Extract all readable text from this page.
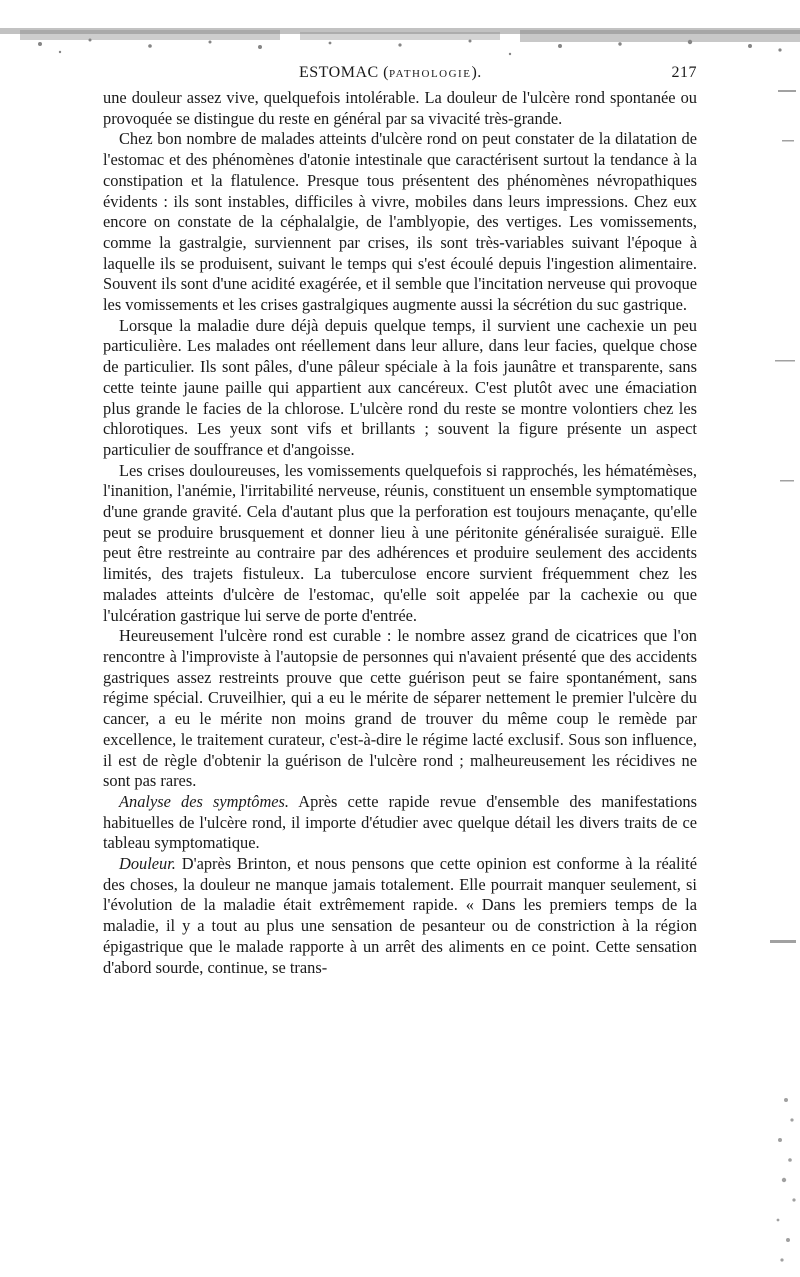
ESTOMAC (PATHOLOGIE).	217

une douleur assez vive, quelquefois intolérable. La douleur de l'ulcère rond spontanée ou provoquée se distingue du reste en général par sa vivacité très-grande.

Chez bon nombre de malades atteints d'ulcère rond on peut constater de la dilatation de l'estomac et des phénomènes d'atonie intestinale que caractérisent surtout la tendance à la constipation et la flatulence. Presque tous présentent des phénomènes névropathiques évidents : ils sont instables, difficiles à vivre, mobiles dans leurs impressions. Chez eux encore on constate de la céphalalgie, de l'amblyopie, des vertiges. Les vomissements, comme la gastralgie, surviennent par crises, ils sont très-variables suivant l'époque à laquelle ils se produisent, suivant le temps qui s'est écoulé depuis l'ingestion alimentaire. Souvent ils sont d'une acidité exagérée, et il semble que l'incitation nerveuse qui provoque les vomissements et les crises gastralgiques augmente aussi la sécrétion du suc gastrique.

Lorsque la maladie dure déjà depuis quelque temps, il survient une cachexie un peu particulière. Les malades ont réellement dans leur allure, dans leur facies, quelque chose de particulier. Ils sont pâles, d'une pâleur spéciale à la fois jaunâtre et transparente, sans cette teinte jaune paille qui appartient aux cancéreux. C'est plutôt avec une émaciation plus grande le facies de la chlorose. L'ulcère rond du reste se montre volontiers chez les chlorotiques. Les yeux sont vifs et brillants ; souvent la figure présente un aspect particulier de souffrance et d'angoisse.

Les crises douloureuses, les vomissements quelquefois si rapprochés, les hématémèses, l'inanition, l'anémie, l'irritabilité nerveuse, réunis, constituent un ensemble symptomatique d'une grande gravité. Cela d'autant plus que la perforation est toujours menaçante, qu'elle peut se produire brusquement et donner lieu à une péritonite généralisée suraiguë. Elle peut être restreinte au contraire par des adhérences et produire seulement des accidents limités, des trajets fistuleux. La tuberculose encore survient fréquemment chez les malades atteints d'ulcère de l'estomac, qu'elle soit appelée par la cachexie ou que l'ulcération gastrique lui serve de porte d'entrée.

Heureusement l'ulcère rond est curable : le nombre assez grand de cicatrices que l'on rencontre à l'improviste à l'autopsie de personnes qui n'avaient présenté que des accidents gastriques assez restreints prouve que cette guérison peut se faire spontanément, sans régime spécial. Cruveilhier, qui a eu le mérite de séparer nettement le premier l'ulcère du cancer, a eu le mérite non moins grand de trouver du même coup le remède par excellence, le traitement curateur, c'est-à-dire le régime lacté exclusif. Sous son influence, il est de règle d'obtenir la guérison de l'ulcère rond ; malheureusement les récidives ne sont pas rares.

Analyse des symptômes. Après cette rapide revue d'ensemble des manifestations habituelles de l'ulcère rond, il importe d'étudier avec quelque détail les divers traits de ce tableau symptomatique.

Douleur. D'après Brinton, et nous pensons que cette opinion est conforme à la réalité des choses, la douleur ne manque jamais totalement. Elle pourrait manquer seulement, si l'évolution de la maladie était extrêmement rapide. « Dans les premiers temps de la maladie, il y a tout au plus une sensation de pesanteur ou de constriction à la région épigastrique que le malade rapporte à un arrêt des aliments en ce point. Cette sensation d'abord sourde, continue, se trans-
